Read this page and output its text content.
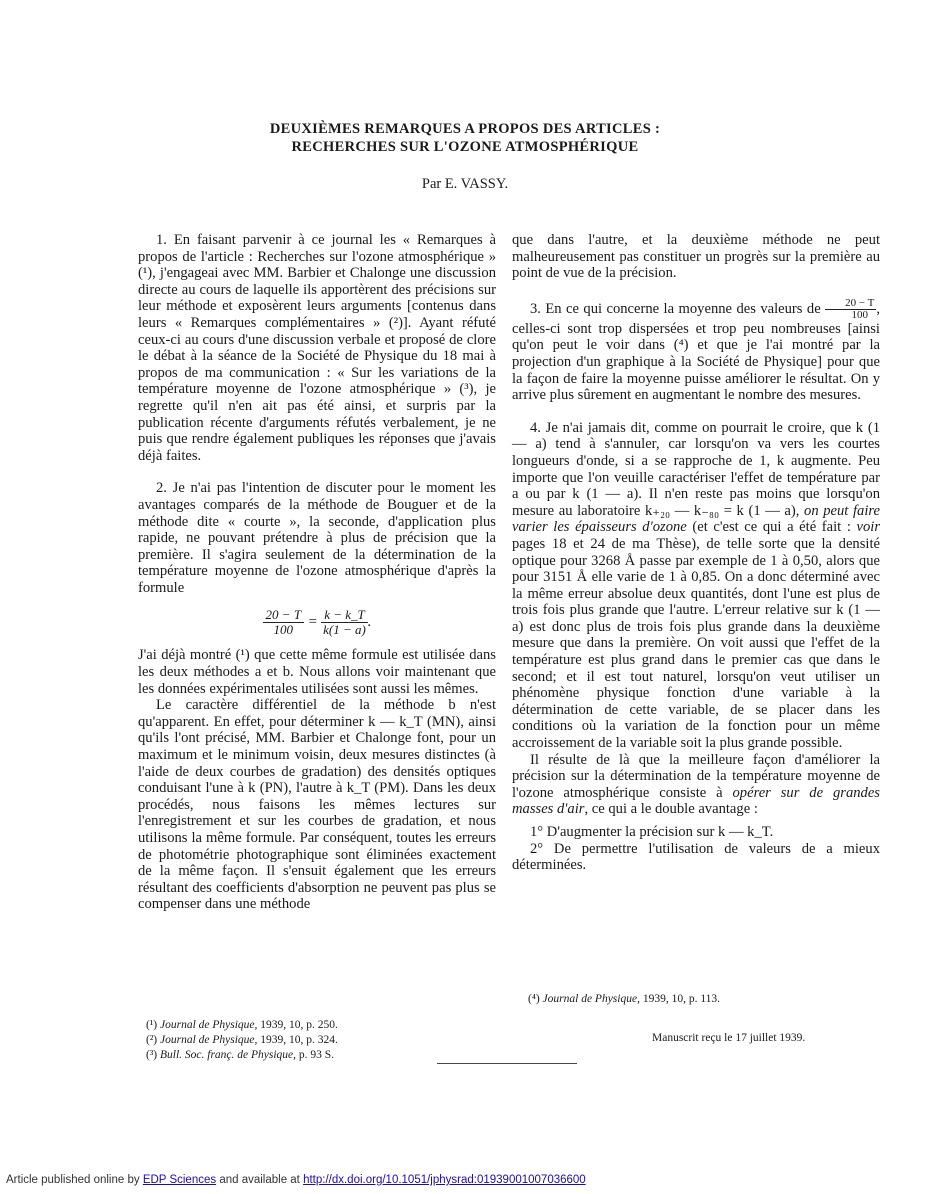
DEUXIÈMES REMARQUES A PROPOS DES ARTICLES :
RECHERCHES SUR L'OZONE ATMOSPHÉRIQUE
Par E. VASSY.

1. En faisant parvenir à ce journal les « Remarques à propos de l'article : Recherches sur l'ozone atmosphérique » (¹), j'engageai avec MM. Barbier et Chalonge une discussion directe au cours de laquelle ils apportèrent des précisions sur leur méthode et exposèrent leurs arguments [contenus dans leurs « Remarques complémentaires » (²)]. Ayant réfuté ceux-ci au cours d'une discussion verbale et proposé de clore le débat à la séance de la Société de Physique du 18 mai à propos de ma communication : « Sur les variations de la température moyenne de l'ozone atmosphérique » (³), je regrette qu'il n'en ait pas été ainsi, et surpris par la publication récente d'arguments réfutés verbalement, je ne puis que rendre également publiques les réponses que j'avais déjà faites.

2. Je n'ai pas l'intention de discuter pour le moment les avantages comparés de la méthode de Bouguer et de la méthode dite « courte », la seconde, d'application plus rapide, ne pouvant prétendre à plus de précision que la première. Il s'agira seulement de la détermination de la température moyenne de l'ozone atmosphérique d'après la formule

$\frac{20 - T}{100} = \frac{k - k\_T}{k(1 - a)}$ .

J'ai déjà montré (¹) que cette même formule est utilisée dans les deux méthodes a et b. Nous allons voir maintenant que les données expérimentales utilisées sont aussi les mêmes.

Le caractère différentiel de la méthode b n'est qu'apparent. En effet, pour déterminer k — k_T (MN), ainsi qu'ils l'ont précisé, MM. Barbier et Chalonge font, pour un maximum et le minimum voisin, deux mesures distinctes (à l'aide de deux courbes de gradation) des densités optiques conduisant l'une à k (PN), l'autre à k_T (PM). Dans les deux procédés, nous faisons les mêmes lectures sur l'enregistrement et sur les courbes de gradation, et nous utilisons la même formule. Par conséquent, toutes les erreurs de photométrie photographique sont éliminées exactement de la même façon. Il s'ensuit également que les erreurs résultant des coefficients d'absorption ne peuvent pas plus se compenser dans une méthode

que dans l'autre, et la deuxième méthode ne peut malheureusement pas constituer un progrès sur la première au point de vue de la précision.

3. En ce qui concerne la moyenne des valeurs de $\frac{20 - T}{100}$ , celles-ci sont trop dispersées et trop peu nombreuses [ainsi qu'on peut le voir dans (⁴) et que je l'ai montré par la projection d'un graphique à la Société de Physique] pour que la façon de faire la moyenne puisse améliorer le résultat. On y arrive plus sûrement en augmentant le nombre des mesures.

4. Je n'ai jamais dit, comme on pourrait le croire, que k (1 — a) tend à s'annuler, car lorsqu'on va vers les courtes longueurs d'onde, si a se rapproche de 1, k augmente. Peu importe que l'on veuille caractériser l'effet de température par a ou par k (1 — a). Il n'en reste pas moins que lorsqu'on mesure au laboratoire k₊₂₀ — k₋₈₀ = k (1 — a), on peut faire varier les épaisseurs d'ozone (et c'est ce qui a été fait : voir pages 18 et 24 de ma Thèse), de telle sorte que la densité optique pour 3268 Å passe par exemple de 1 à 0,50, alors que pour 3151 Å elle varie de 1 à 0,85. On a donc déterminé avec la même erreur absolue deux quantités, dont l'une est plus de trois fois plus grande que l'autre. L'erreur relative sur k (1 — a) est donc plus de trois fois plus grande dans la deuxième mesure que dans la première. On voit aussi que l'effet de la température est plus grand dans le premier cas que dans le second; et il est tout naturel, lorsqu'on veut utiliser un phénomène physique fonction d'une variable à la détermination de cette variable, de se placer dans les conditions où la variation de la fonction pour un même accroissement de la variable soit la plus grande possible.

Il résulte de là que la meilleure façon d'améliorer la précision sur la détermination de la température moyenne de l'ozone atmosphérique consiste à opérer sur de grandes masses d'air, ce qui a le double avantage :

1° D'augmenter la précision sur k — k_T.

2° De permettre l'utilisation de valeurs de a mieux déterminées.

(¹) Journal de Physique, 1939, 10, p. 250.
(²) Journal de Physique, 1939, 10, p. 324.
(³) Bull. Soc. franç. de Physique, p. 93 S.
(⁴) Journal de Physique, 1939, 10, p. 113.
Manuscrit reçu le 17 juillet 1939.
Article published online by EDP Sciences and available at http://dx.doi.org/10.1051/jphysrad:01939001007036600
